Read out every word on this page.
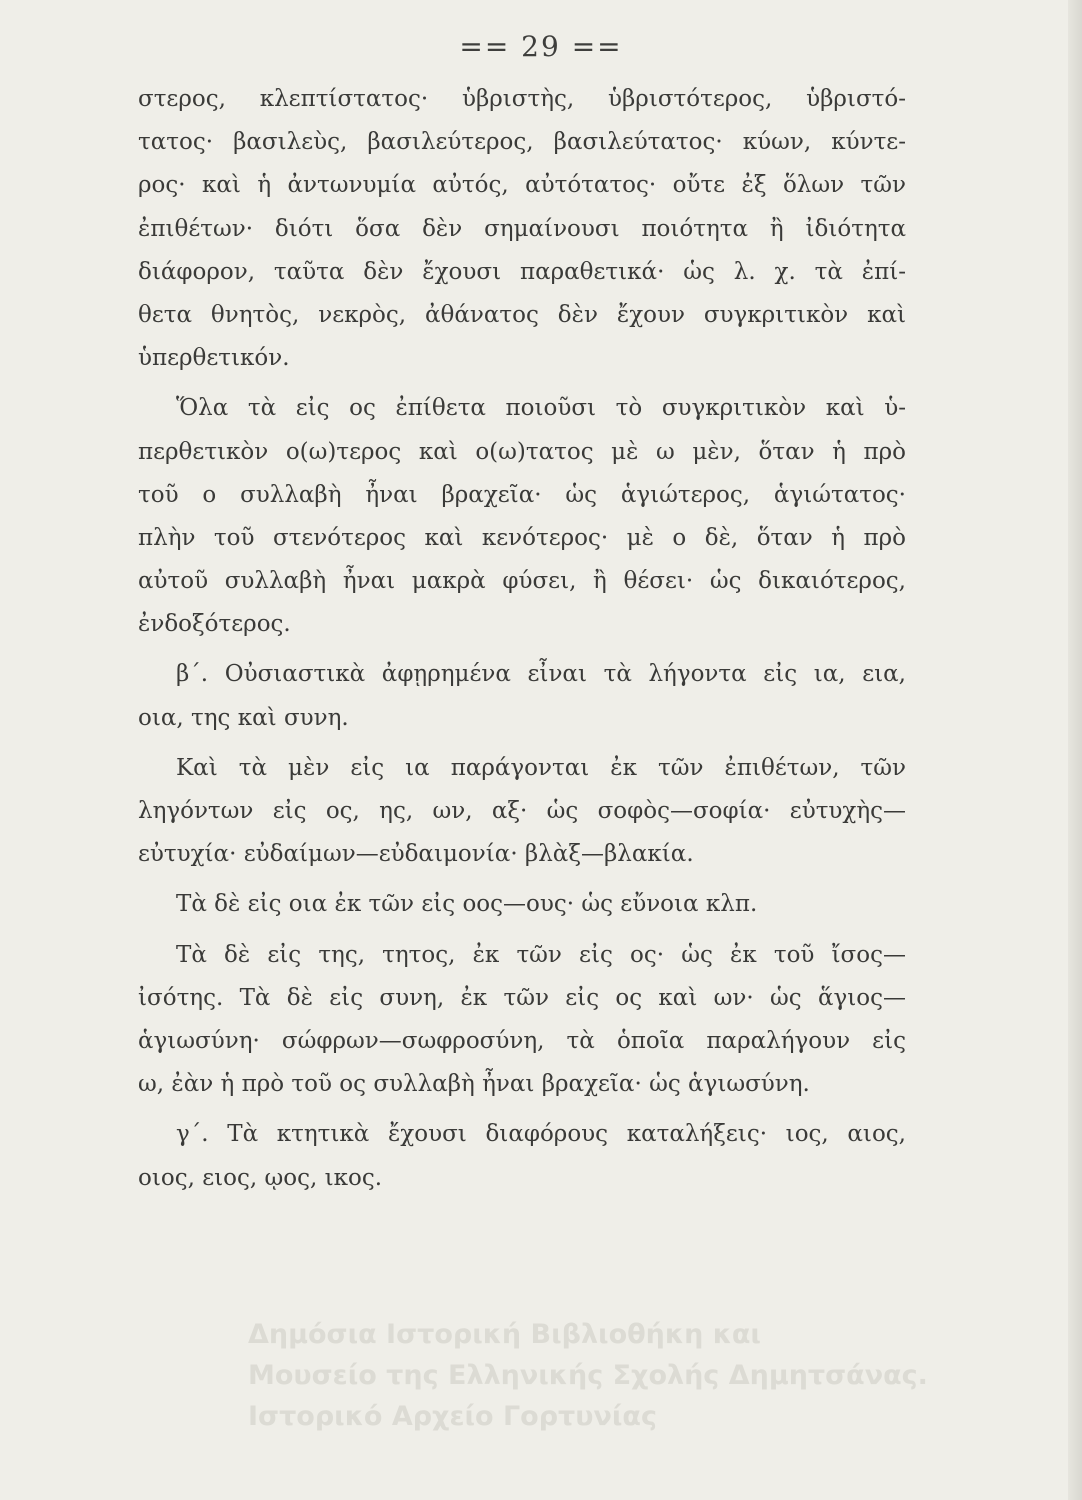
== 29 ==
στερος, κλεπτίστατος· ὑβριστὴς, ὑβριστότερος, ὑβριστό-
τατος· βασιλεὺς, βασιλεύτερος, βασιλεύτατος· κύων, κύντε-
ρος· καὶ ἡ ἀντωνυμία αὐτός, αὐτότατος· οὔτε ἐξ ὅλων τῶν
ἐπιθέτων· διότι ὅσα δὲν σημαίνουσι ποιότητα ἢ ἰδιότητα
διάφορον, ταῦτα δὲν ἔχουσι παραθετικά· ὡς λ. χ. τὰ ἐπί-
θετα θνητὸς, νεκρὸς, ἀθάνατος δὲν ἔχουν συγκριτικὸν καὶ
ὑπερθετικόν.
Ὅλα τὰ εἰς ος ἐπίθετα ποιοῦσι τὸ συγκριτικὸν καὶ ὑ-
περθετικὸν ο(ω)τερος καὶ ο(ω)τατος μὲ ω μὲν, ὅταν ἡ πρὸ
τοῦ ο συλλαβὴ ἦναι βραχεῖα· ὡς ἁγιώτερος, ἁγιώτατος·
πλὴν τοῦ στενότερος καὶ κενότερος· μὲ ο δὲ, ὅταν ἡ πρὸ
αὐτοῦ συλλαβὴ ἦναι μακρὰ φύσει, ἢ θέσει· ὡς δικαιότερος,
ἐνδοξότερος.
β΄. Οὐσιαστικὰ ἀφῃρημένα εἶναι τὰ λήγοντα εἰς ια, εια,
οια, της καὶ συνη.
Καὶ τὰ μὲν εἰς ια παράγονται ἐκ τῶν ἐπιθέτων, τῶν
ληγόντων εἰς ος, ης, ων, αξ· ὡς σοφὸς—σοφία· εὐτυχὴς—
εὐτυχία· εὐδαίμων—εὐδαιμονία· βλὰξ—βλακία.
Τὰ δὲ εἰς οια ἐκ τῶν εἰς οος—ους· ὡς εὔνοια κλπ.
Τὰ δὲ εἰς της, τητος, ἐκ τῶν εἰς ος· ὡς ἐκ τοῦ ἴσος—
ἰσότης. Τὰ δὲ εἰς συνη, ἐκ τῶν εἰς ος καὶ ων· ὡς ἅγιος—
ἁγιωσύνη· σώφρων—σωφροσύνη, τὰ ὁποῖα παραλήγουν εἰς
ω, ἐὰν ἡ πρὸ τοῦ ος συλλαβὴ ἦναι βραχεῖα· ὡς ἁγιωσύνη.
γ΄. Τὰ κτητικὰ ἔχουσι διαφόρους καταλήξεις· ιος, αιος,
οιος, ειος, ῳος, ικος.
Δημόσια Ιστορική Βιβλιοθήκη και
Μουσείο της Ελληνικής Σχολής Δημητσάνας.
Ιστορικό Αρχείο Γορτυνίας
